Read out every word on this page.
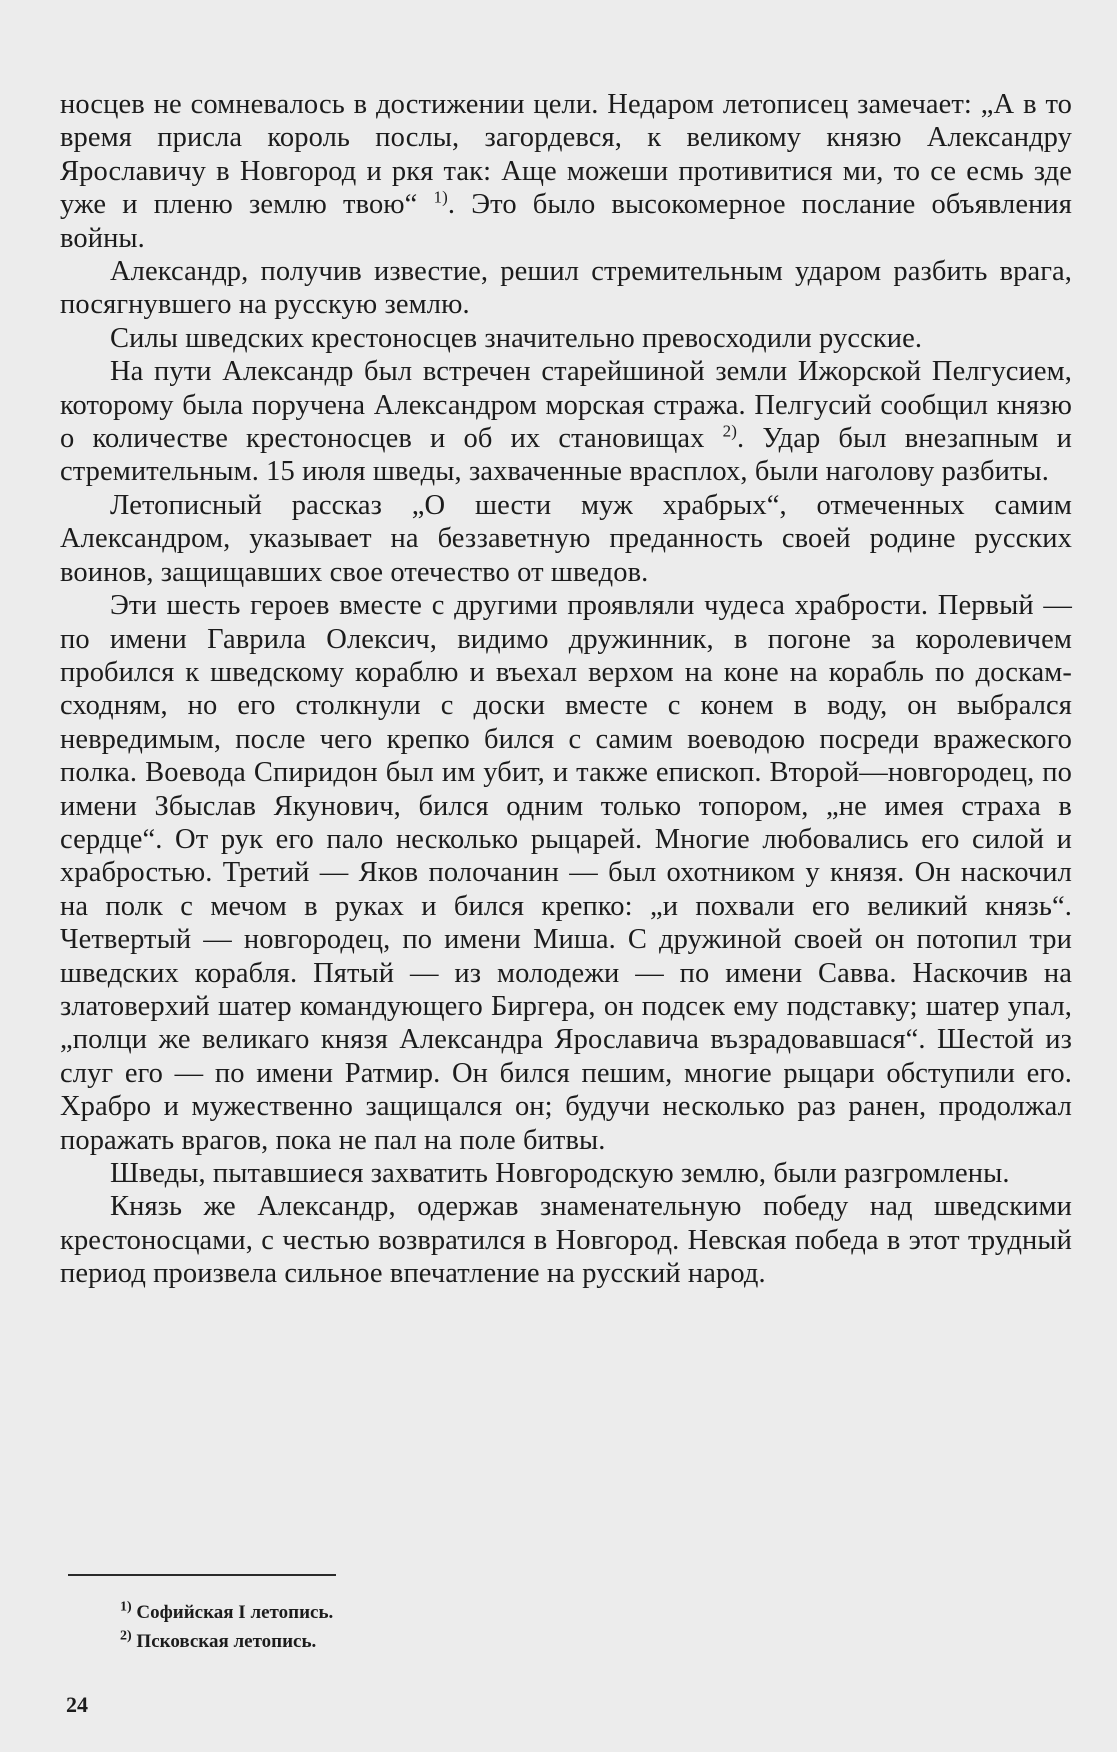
носцев не сомневалось в достижении цели. Недаром летописец замечает: „А в то время присла король послы, загордевся, к великому князю Александру Ярославичу в Новгород и ркя так: Аще можеши противитися ми, то се есмь зде уже и пленю землю твою“ $^{1)}$. Это было высокомерное послание объявления войны.

Александр, получив известие, решил стремительным ударом разбить врага, посягнувшего на русскую землю.

Силы шведских крестоносцев значительно превосходили русские.

На пути Александр был встречен старейшиной земли Ижорской Пелгусием, которому была поручена Александром морская стража. Пелгусий сообщил князю о количестве крестоносцев и об их становищах $^{2)}$. Удар был внезапным и стремительным. 15 июля шведы, захваченные врасплох, были наголову разбиты.

Летописный рассказ „О шести муж храбрых“, отмеченных самим Александром, указывает на беззаветную преданность своей родине русских воинов, защищавших свое отечество от шведов.

Эти шесть героев вместе с другими проявляли чудеса храбрости. Первый — по имени Гаврила Олексич, видимо дружинник, в погоне за королевичем пробился к шведскому кораблю и въехал верхом на коне на корабль по доскам-сходням, но его столкнули с доски вместе с конем в воду, он выбрался невредимым, после чего крепко бился с самим воеводою посреди вражеского полка. Воевода Спиридон был им убит, и также епископ. Второй—новгородец, по имени Збыслав Якунович, бился одним только топором, „не имея страха в сердце“. От рук его пало несколько рыцарей. Многие любовались его силой и храбростью. Третий — Яков полочанин — был охотником у князя. Он наскочил на полк с мечом в руках и бился крепко: „и похвали его великий князь“. Четвертый — новгородец, по имени Миша. С дружиной своей он потопил три шведских корабля. Пятый — из молодежи — по имени Савва. Наскочив на златоверхий шатер командующего Биргера, он подсек ему подставку; шатер упал, „полци же великаго князя Александра Ярославича възрадовавшася“. Шестой из слуг его — по имени Ратмир. Он бился пешим, многие рыцари обступили его. Храбро и мужественно защищался он; будучи несколько раз ранен, продолжал поражать врагов, пока не пал на поле битвы.

Шведы, пытавшиеся захватить Новгородскую землю, были разгромлены.

Князь же Александр, одержав знаменательную победу над шведскими крестоносцами, с честью возвратился в Новгород. Невская победа в этот трудный период произвела сильное впечатление на русский народ.

$^{1)}$ Софийская I летопись.

$^{2)}$ Псковская летопись.

24
